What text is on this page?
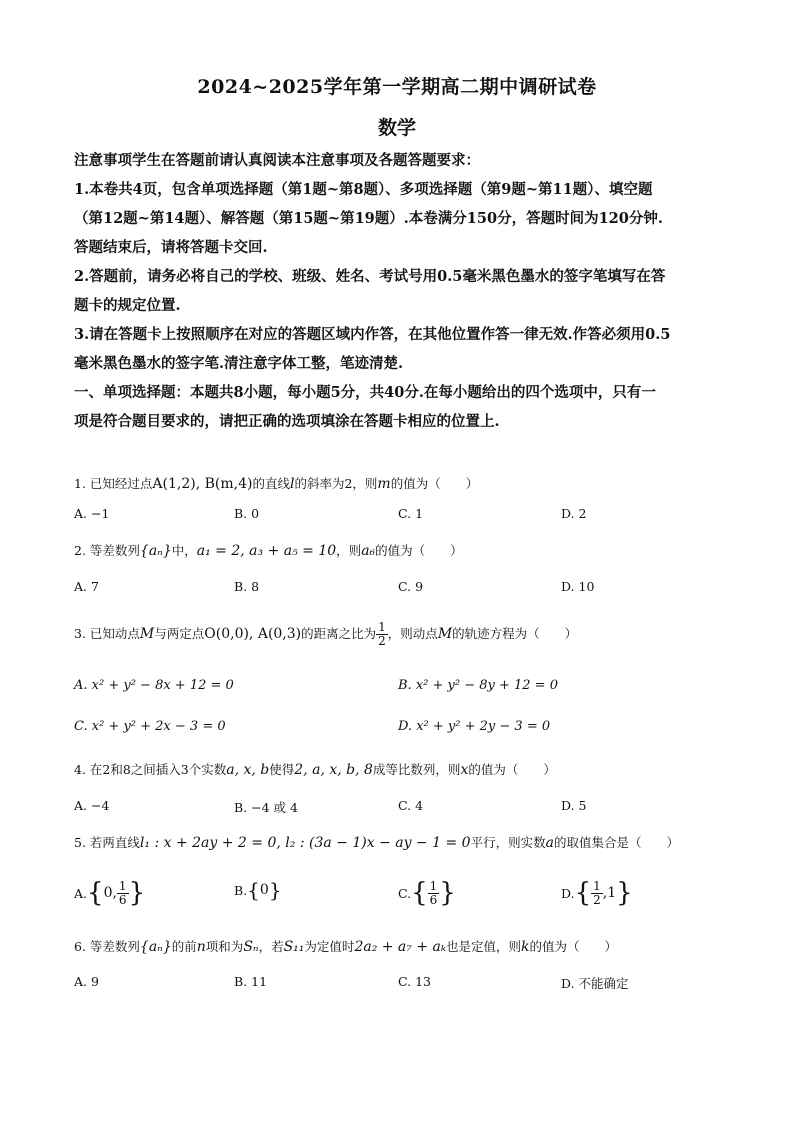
2024~2025学年第一学期高二期中调研试卷
数学

注意事项学生在答题前请认真阅读本注意事项及各题答题要求：

1.本卷共4页，包含单项选择题（第1题~第8题）、多项选择题（第9题~第11题）、填空题

（第12题~第14题）、解答题（第15题~第19题）.本卷满分150分，答题时间为120分钟.

答题结束后，请将答题卡交回.

2.答题前，请务必将自己的学校、班级、姓名、考试号用0.5毫米黑色墨水的签字笔填写在答

题卡的规定位置.

3.请在答题卡上按照顺序在对应的答题区域内作答，在其他位置作答一律无效.作答必须用0.5

毫米黑色墨水的签字笔.清注意字体工整，笔迹清楚.

一、单项选择题：本题共8小题，每小题5分，共40分.在每小题给出的四个选项中，只有一

项是符合题目要求的，请把正确的选项填涂在答题卡相应的位置上.

1. 已知经过点A(1,2), B(m,4)的直线l的斜率为2，则m的值为（　　）
A. −1	B. 0	C. 1	D. 2
2. 等差数列{aₙ}中，a₁ = 2, a₃ + a₅ = 10，则a₆的值为（　　）
A. 7	B. 8	C. 9	D. 10
3. 已知动点M与两定点O(0,0), A(0,3)的距离之比为 $\frac{1}{2}$ ，则动点M的轨迹方程为（　　）
A. x² + y² − 8x + 12 = 0	B. x² + y² − 8y + 12 = 0
C. x² + y² + 2x − 3 = 0	D. x² + y² + 2y − 3 = 0
4. 在2和8之间插入3个实数a, x, b使得2, a, x, b, 8成等比数列，则x的值为（　　）
A. −4	B. −4 或 4	C. 4	D. 5
5. 若两直线l₁ : x + 2ay + 2 = 0, l₂ : (3a − 1)x − ay − 1 = 0平行，则实数a的取值集合是（　　）
A. { 0, $\frac{1}{6}$ }	B. { 0 }	C. { $\frac{1}{6}$ }	D. { $\frac{1}{2} ,1$ }
6. 等差数列{aₙ}的前n项和为Sₙ，若S₁₁为定值时2a₂ + a₇ + aₖ也是定值，则k的值为（　　）
A. 9	B. 11	C. 13	D. 不能确定
